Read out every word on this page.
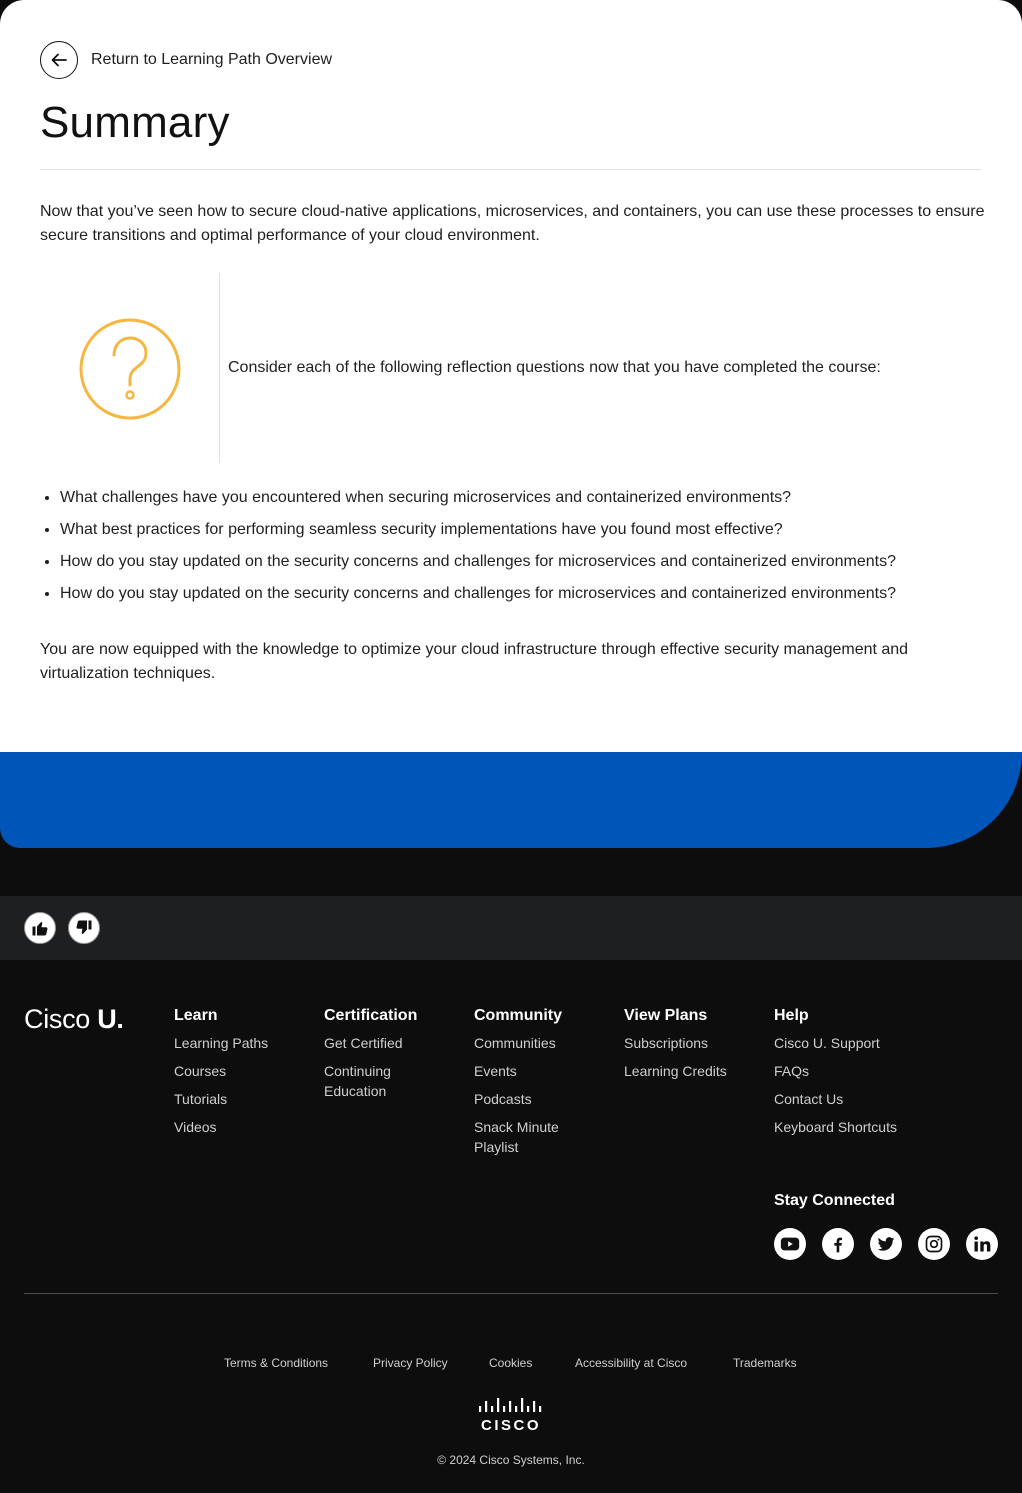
Return to Learning Path Overview
Summary

Now that you’ve seen how to secure cloud-native applications, microservices, and containers, you can use these processes to ensure secure transitions and optimal performance of your cloud environment.

Consider each of the following reflection questions now that you have completed the course:
• What challenges have you encountered when securing microservices and containerized environments?
• What best practices for performing seamless security implementations have you found most effective?
• How do you stay updated on the security concerns and challenges for microservices and containerized environments?
• How do you stay updated on the security concerns and challenges for microservices and containerized environments?

You are now equipped with the knowledge to optimize your cloud infrastructure through effective security management and virtualization techniques.

Cisco U.	Learn
Learning Paths
Courses
Tutorials
Videos
Certification
Get Certified
Continuing Education
Community
Communities
Events
Podcasts
Snack Minute Playlist
View Plans
Subscriptions
Learning Credits
Help
Cisco U. Support
FAQs
Contact Us
Keyboard Shortcuts
Stay Connected
Terms & Conditions	Privacy Policy	Cookies	Accessibility at Cisco	Trademarks
CISCO
© 2024 Cisco Systems, Inc.
